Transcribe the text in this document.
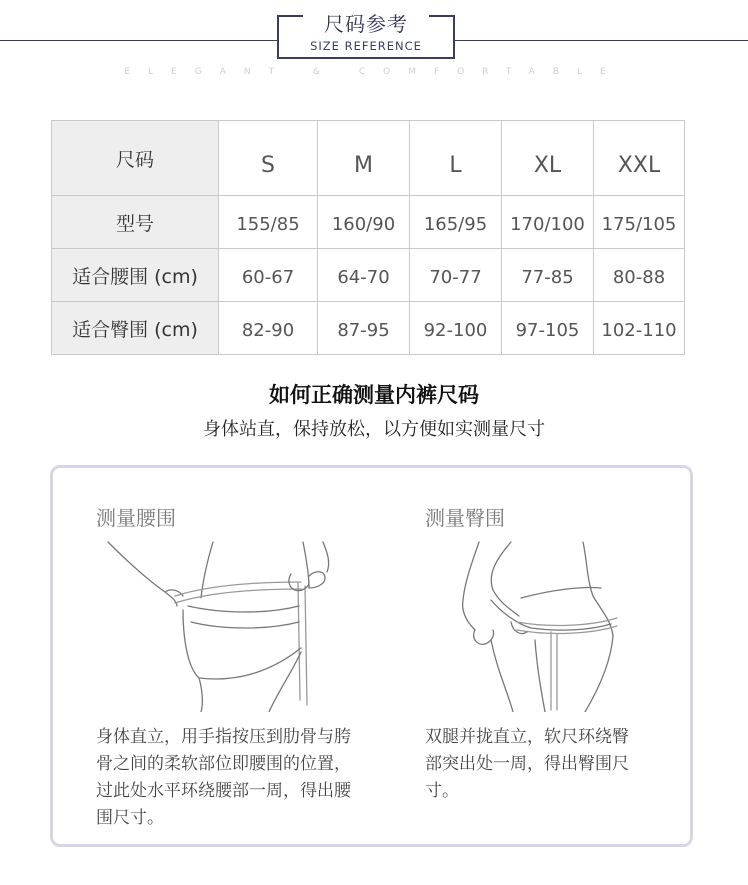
尺码参考
SIZE REFERENCE
ELEGANT & COMFORTABLE
尺码	S	M	L	XL	XXL
型号	155/85	160/90	165/95	170/100	175/105
适合腰围 (cm)	60-67	64-70	70-77	77-85	80-88
适合臀围 (cm)	82-90	87-95	92-100	97-105	102-110
如何正确测量内裤尺码
身体站直，保持放松，以方便如实测量尺寸
测量腰围	测量臀围
身体直立，用手指按压到肋骨与胯
骨之间的柔软部位即腰围的位置，
过此处水平环绕腰部一周，得出腰
围尺寸。
双腿并拢直立，软尺环绕臀
部突出处一周，得出臀围尺
寸。
